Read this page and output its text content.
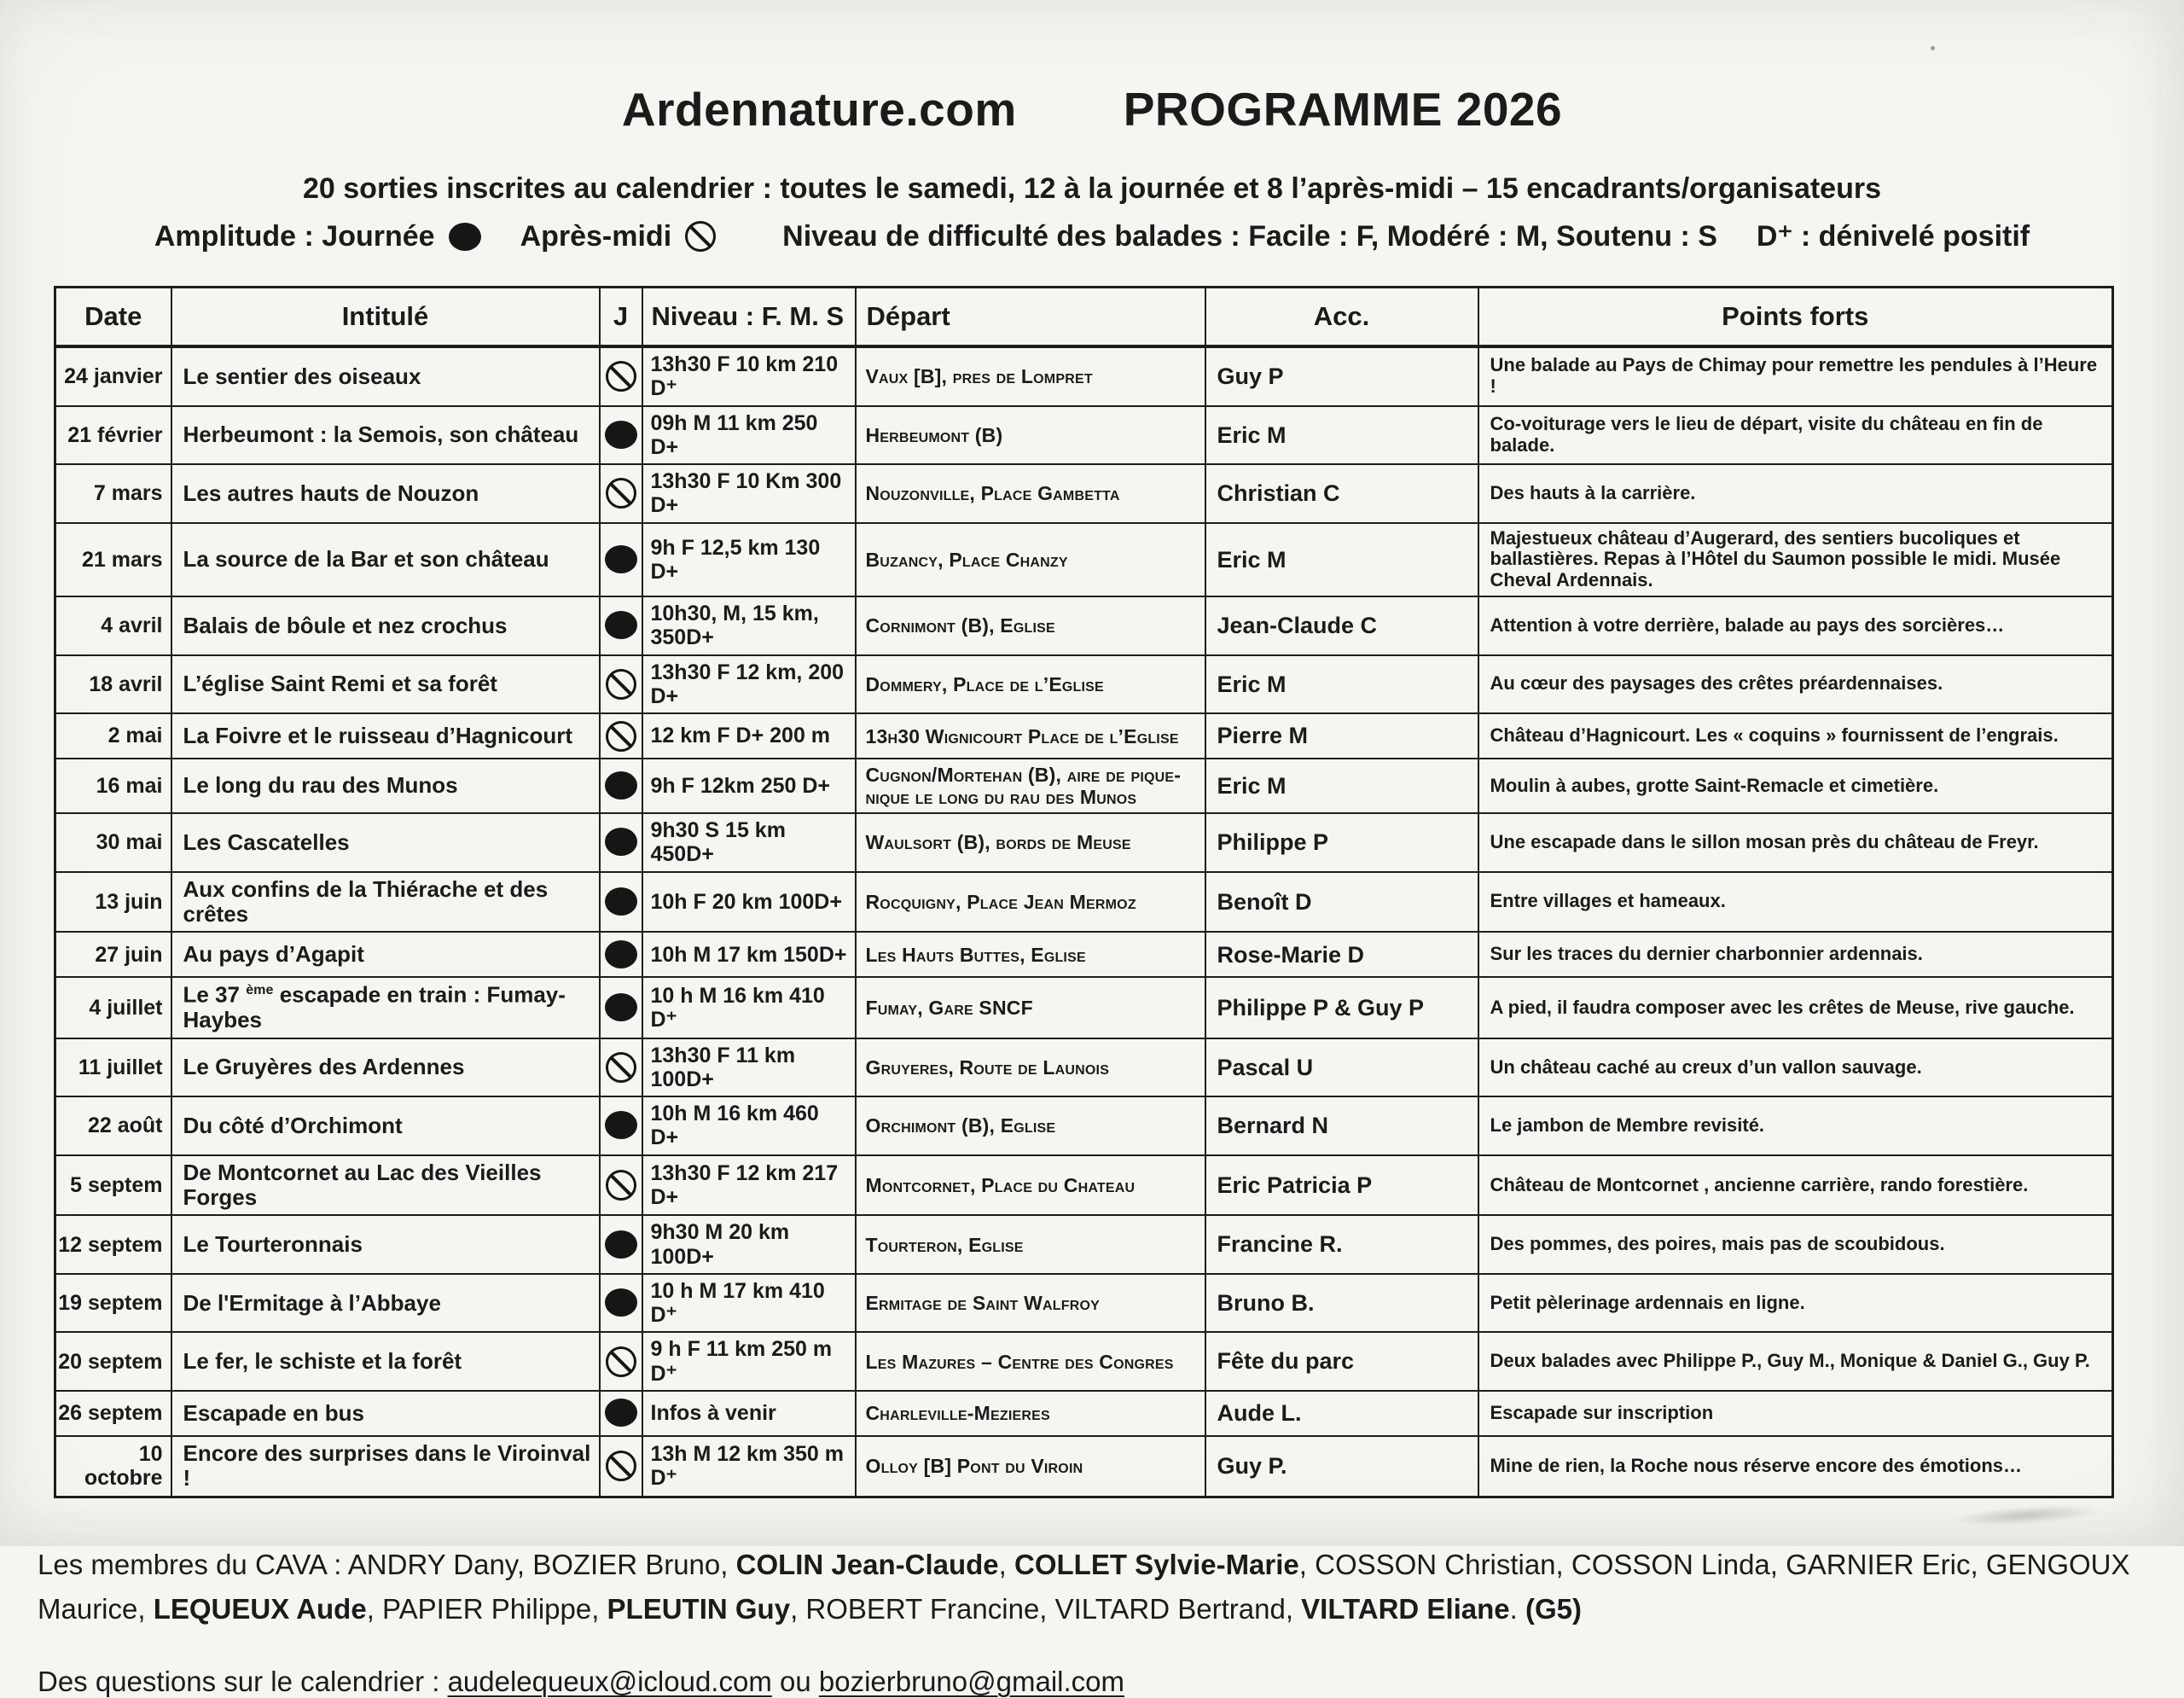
Ardennature.com PROGRAMME 2026
20 sorties inscrites au calendrier : toutes le samedi, 12 à la journée et 8 l’après-midi – 15 encadrants/organisateurs
Amplitude : Journée	Après-midi	Niveau de difficulté des balades : Facile : F, Modéré : M, Soutenu : S D⁺ : dénivelé positif
Date	Intitulé	J	Niveau : F. M. S	Départ	Acc.	Points forts
24 janvier	Le sentier des oiseaux		13h30 F 10 km 210 D⁺	Vaux [B], pres de Lompret	Guy P	Une balade au Pays de Chimay pour remettre les pendules à l’Heure !
21 février	Herbeumont : la Semois, son château		09h M 11 km 250 D+	Herbeumont (B)	Eric M	Co-voiturage vers le lieu de départ, visite du château en fin de balade.
7 mars	Les autres hauts de Nouzon		13h30 F 10 Km 300 D+	Nouzonville, Place Gambetta	Christian C	Des hauts à la carrière.
21 mars	La source de la Bar et son château		9h F 12,5 km 130 D+	Buzancy, Place Chanzy	Eric M	Majestueux château d’Augerard, des sentiers bucoliques et ballastières. Repas à l’Hôtel du Saumon possible le midi. Musée Cheval Ardennais.
4 avril	Balais de bôule et nez crochus		10h30, M, 15 km, 350D+	Cornimont (B), Eglise	Jean-Claude C	Attention à votre derrière, balade au pays des sorcières…
18 avril	L’église Saint Remi et sa forêt		13h30 F 12 km, 200 D+	Dommery, Place de l’Eglise	Eric M	Au cœur des paysages des crêtes préardennaises.
2 mai	La Foivre et le ruisseau d’Hagnicourt		12 km F D+ 200 m	13h30 Wignicourt Place de l’Eglise	Pierre M	Château d’Hagnicourt. Les « coquins » fournissent de l’engrais.
16 mai	Le long du rau des Munos		9h F 12km 250 D+	Cugnon/Mortehan (B), aire de pique-nique le long du rau des Munos	Eric M	Moulin à aubes, grotte Saint-Remacle et cimetière.
30 mai	Les Cascatelles		9h30 S 15 km 450D+	Waulsort (B), bords de Meuse	Philippe P	Une escapade dans le sillon mosan près du château de Freyr.
13 juin	Aux confins de la Thiérache et des crêtes		10h F 20 km 100D+	Rocquigny, Place Jean Mermoz	Benoît D	Entre villages et hameaux.
27 juin	Au pays d’Agapit		10h M 17 km 150D+	Les Hauts Buttes, Eglise	Rose-Marie D	Sur les traces du dernier charbonnier ardennais.
4 juillet	Le 37 $^{ème}$ escapade en train : Fumay-Haybes		10 h M 16 km 410 D⁺	Fumay, Gare SNCF	Philippe P & Guy P	A pied, il faudra composer avec les crêtes de Meuse, rive gauche.
11 juillet	Le Gruyères des Ardennes		13h30 F 11 km 100D+	Gruyeres, Route de Launois	Pascal U	Un château caché au creux d’un vallon sauvage.
22 août	Du côté d’Orchimont		10h M 16 km 460 D+	Orchimont (B), Eglise	Bernard N	Le jambon de Membre revisité.
5 septem	De Montcornet au Lac des Vieilles Forges		13h30 F 12 km 217 D+	Montcornet, Place du Chateau	Eric Patricia P	Château de Montcornet , ancienne carrière, rando forestière.
12 septem	Le Tourteronnais		9h30 M 20 km 100D+	Tourteron, Eglise	Francine R.	Des pommes, des poires, mais pas de scoubidous.
19 septem	De l'Ermitage à l’Abbaye		10 h M 17 km 410 D⁺	Ermitage de Saint Walfroy	Bruno B.	Petit pèlerinage ardennais en ligne.
20 septem	Le fer, le schiste et la forêt		9 h F 11 km 250 m D⁺	Les Mazures – Centre des Congres	Fête du parc	Deux balades avec Philippe P., Guy M., Monique & Daniel G., Guy P.
26 septem	Escapade en bus		Infos à venir	Charleville-Mezieres	Aude L.	Escapade sur inscription
10 octobre	Encore des surprises dans le Viroinval !		13h M 12 km 350 m D⁺	Olloy [B] Pont du Viroin	Guy P.	Mine de rien, la Roche nous réserve encore des émotions…
Les membres du CAVA : ANDRY Dany, BOZIER Bruno, COLIN Jean-Claude, COLLET Sylvie-Marie, COSSON Christian, COSSON Linda, GARNIER Eric, GENGOUX Maurice, LEQUEUX Aude, PAPIER Philippe, PLEUTIN Guy, ROBERT Francine, VILTARD Bertrand, VILTARD Eliane. (G5)
Des questions sur le calendrier : audelequeux@icloud.com ou bozierbruno@gmail.com
